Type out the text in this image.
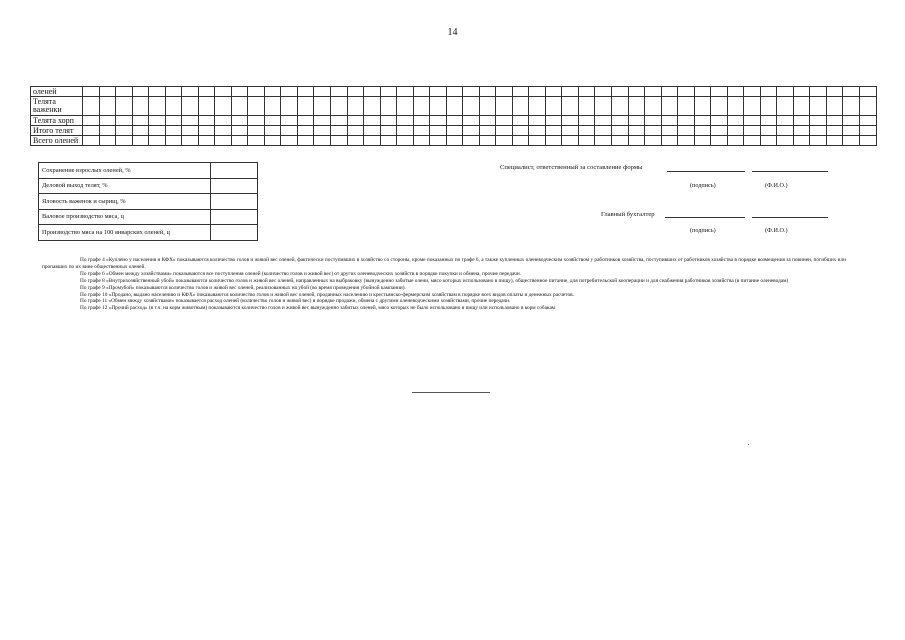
14
оленей																																																
Телята важенки																																																
Телята хорп																																																
Итого телят																																																
Всего оленей																																																
Сохранение взрослых оленей, %	
Деловой выход телят, %	
Яловость важенок и сырищ, %	
Валовое производство мяса, ц	
Производство мяса на 100 январских оленей, ц	
Специалист, ответственный за составление формы
(подпись)	(Ф.И.О.)
Главный бухгалтер
(подпись)	(Ф.И.О.)

По графе 4 «Куплено у населения и КФХ» показываются количество голов и живой вес оленей, фактически поступивших в хозяйство со стороны, кроме показанных по графе 6, а также купленных оленеводческим хозяйством у работников хозяйства, поступивших от работников хозяйства в порядке возмещения за повинен, погибших или пропавших по их вине общественных оленей.

По графе 6 «Обмен между хозяйствами» показываются все поступления оленей (количество голов и живой вес) от других оленеводческих хозяйств в порядке покупки и обмена, прочие передачи.

По графе 8 «Внутрихозяйственный убой» показываются количество голов и живой вес оленей, направленных на выбраковку (вынужденно забитые олени, мясо которых использовано в пищу), общественное питание, для потребительской кооперации и для снабжения работников хозяйства (в питание оленеводам)

По графе 9 «Промубой» показываются количество голов и живой вес оленей, реализованных на убой (во время проведения убойной кампании).

По графе 10 «Продано, выдано населению и КФХ» показываются количество голов и живой вес оленей, проданных населению и крестьянско-фермерским хозяйствам в порядке всех видов оплаты и денежных расчетов.

По графе 11 «Обмен между хозяйствами» показывается расход оленей (количество голов и живой вес) в порядке продажи, обмена с другими оленеводческими хозяйствами, прочие передачи.

По графе 12 «Прочий расход» (в т.ч. на корм животным) показываются количество голов и живой вес вынужденно забитых оленей, мясо которых не было использовано в пищу или использовано в корм собакам
